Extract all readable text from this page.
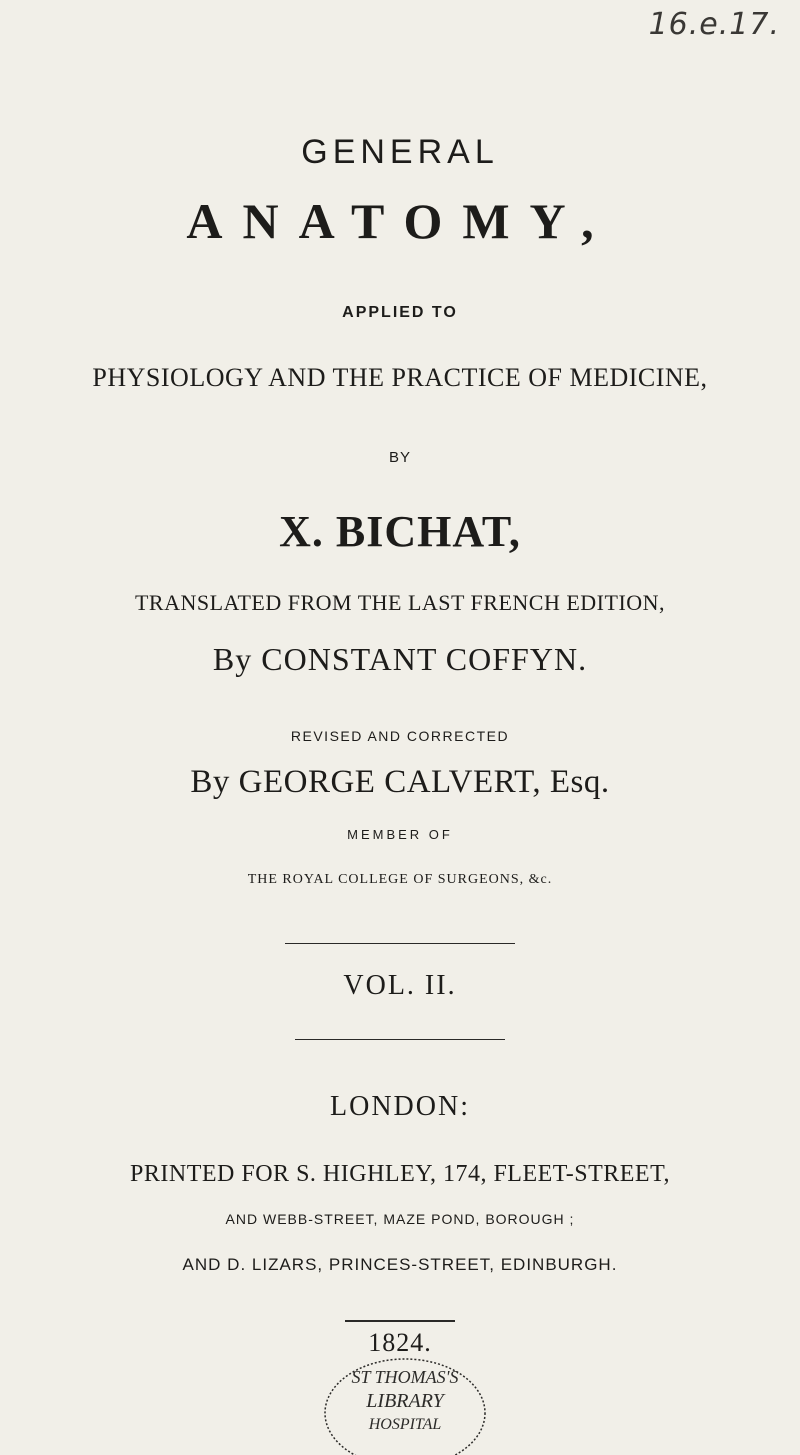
16.e.17.
GENERAL
ANATOMY,
APPLIED TO
PHYSIOLOGY AND THE PRACTICE OF MEDICINE,
BY
X. BICHAT,
TRANSLATED FROM THE LAST FRENCH EDITION,
By CONSTANT COFFYN.
REVISED AND CORRECTED
By GEORGE CALVERT, Esq.
MEMBER OF
THE ROYAL COLLEGE OF SURGEONS, &c.
VOL. II.
LONDON:
PRINTED FOR S. HIGHLEY, 174, FLEET-STREET,
AND WEBB-STREET, MAZE POND, BOROUGH ;
AND D. LIZARS, PRINCES-STREET, EDINBURGH.
1824.
ST THOMAS'S
LIBRARY
HOSPITAL
